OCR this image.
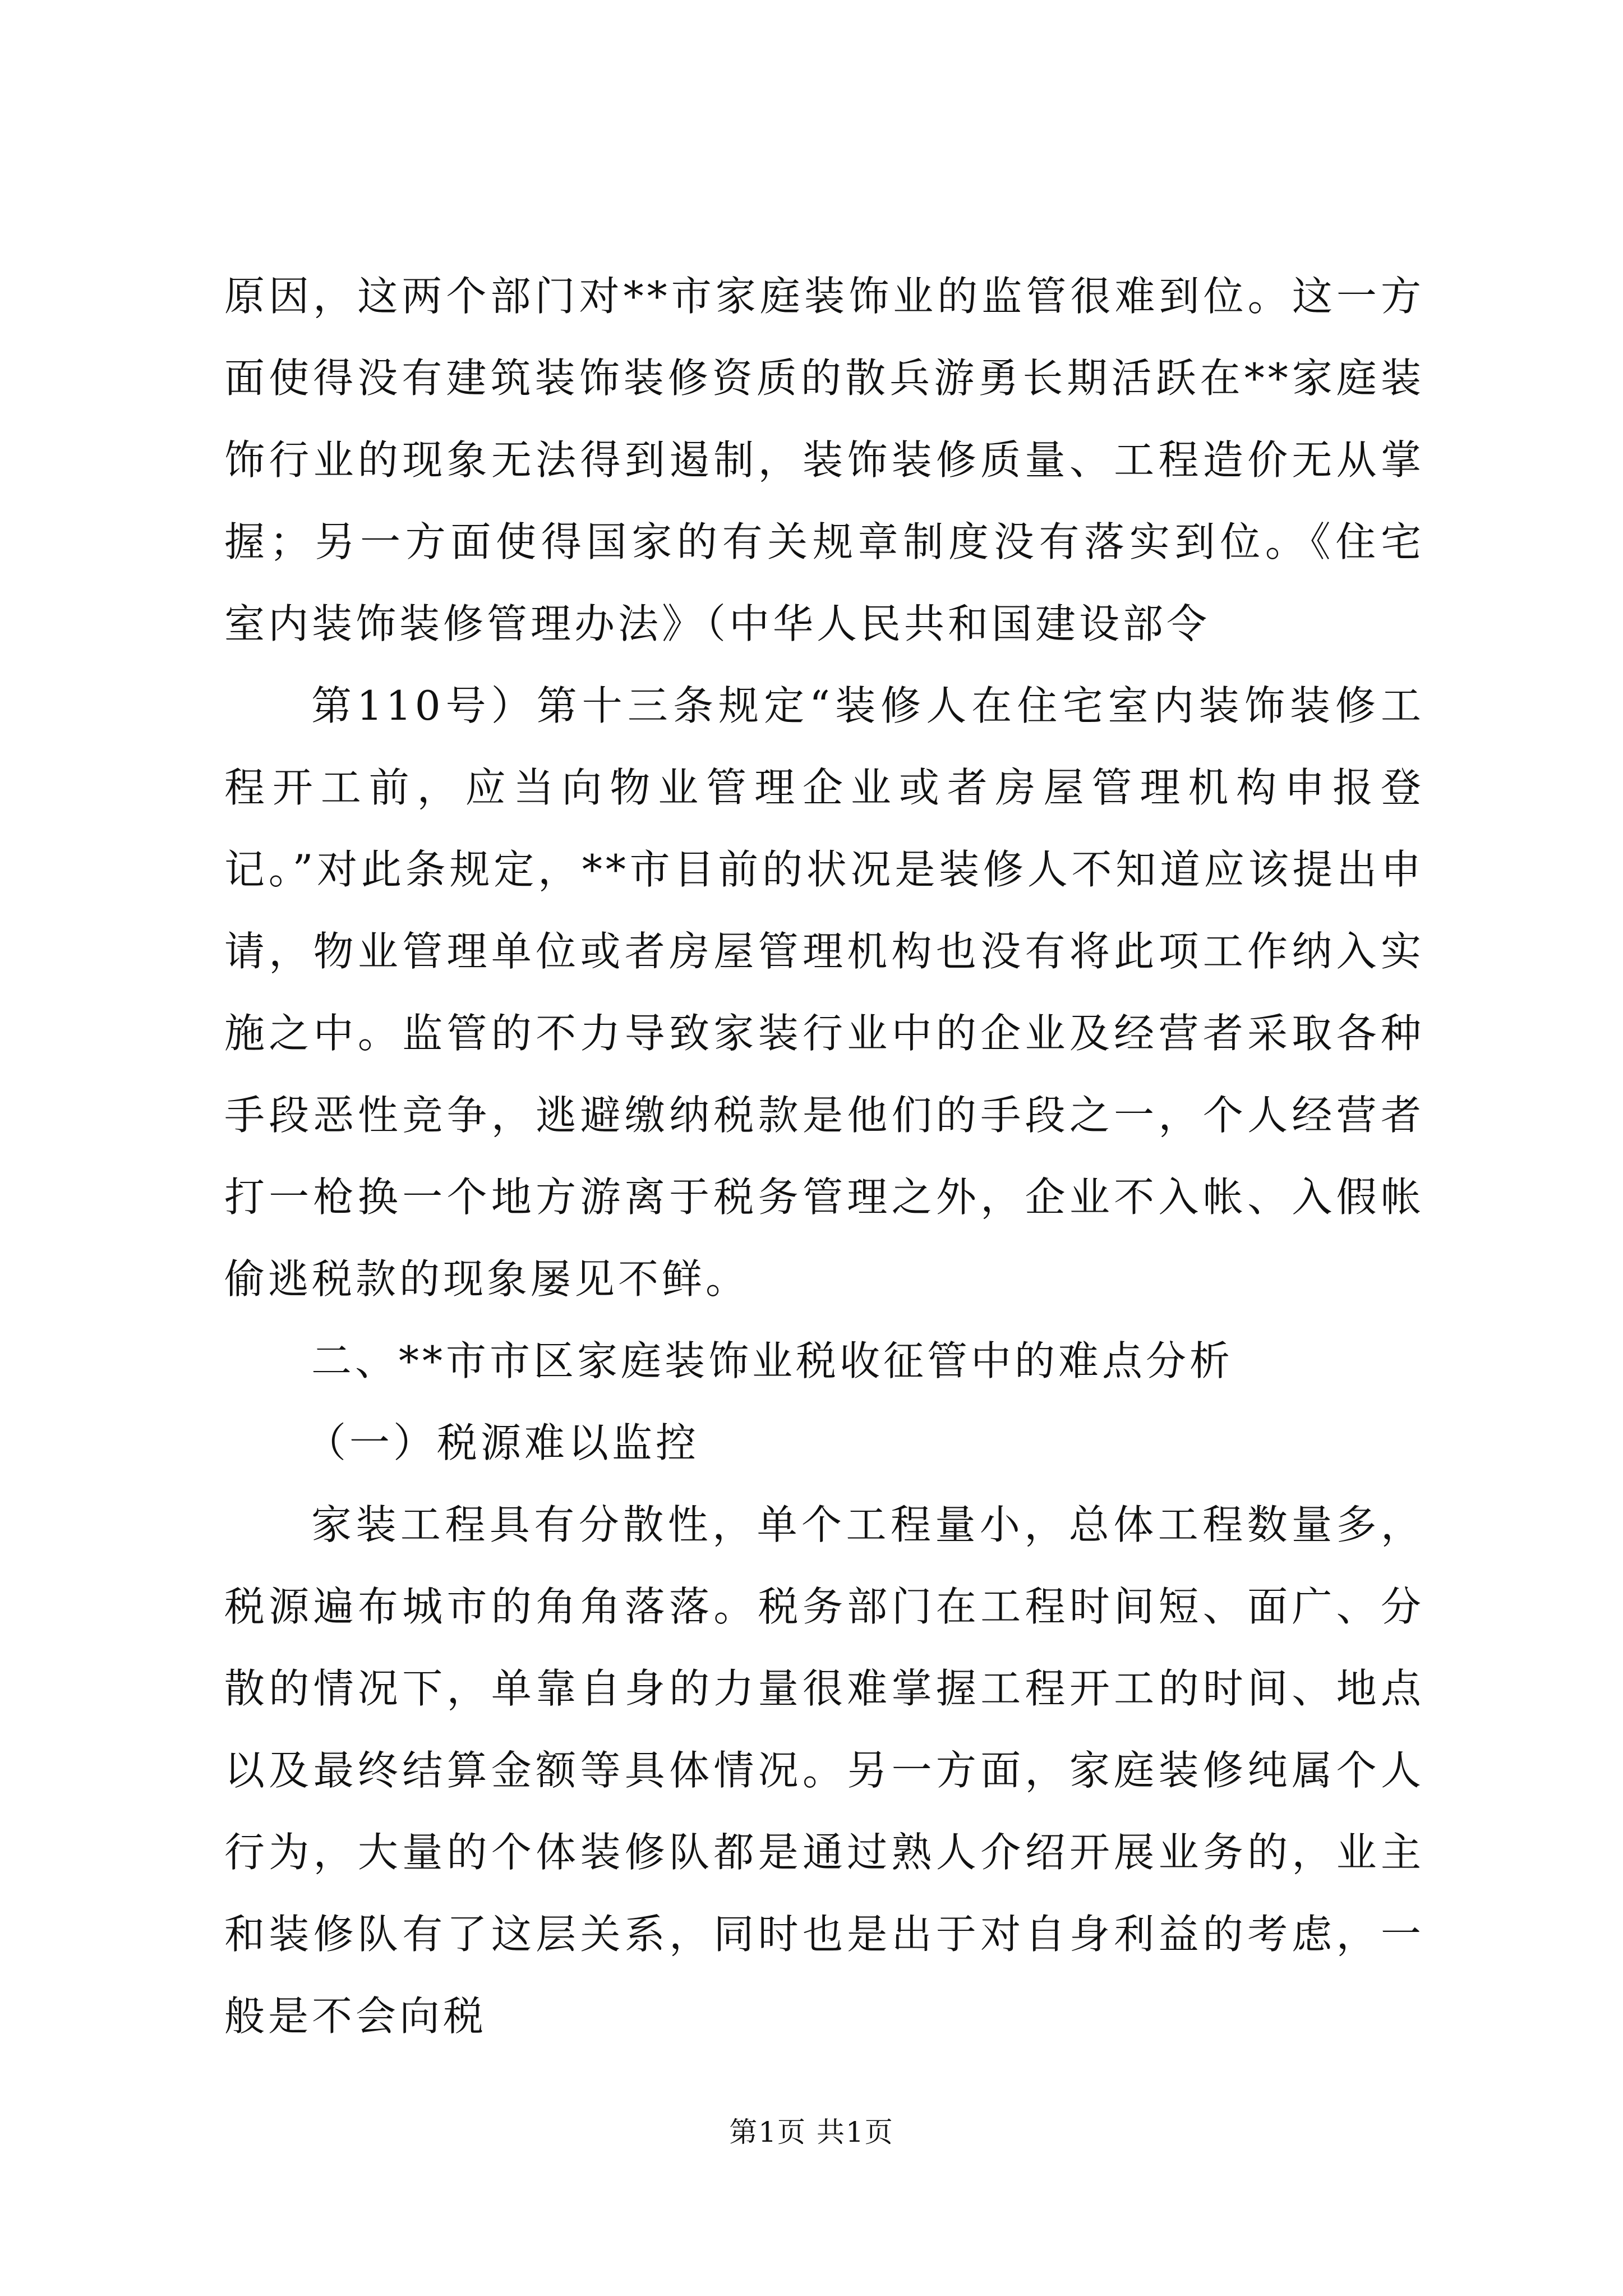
原因，这两个部门对**市家庭装饰业的监管很难到位。这一方面使得没有建筑装饰装修资质的散兵游勇长期活跃在**家庭装饰行业的现象无法得到遏制，装饰装修质量、工程造价无从掌握；另一方面使得国家的有关规章制度没有落实到位。《住宅室内装饰装修管理办法》（中华人民共和国建设部令

第110号）第十三条规定“装修人在住宅室内装饰装修工程开工前，应当向物业管理企业或者房屋管理机构申报登记。”对此条规定，**市目前的状况是装修人不知道应该提出申请，物业管理单位或者房屋管理机构也没有将此项工作纳入实施之中。监管的不力导致家装行业中的企业及经营者采取各种手段恶性竞争，逃避缴纳税款是他们的手段之一，个人经营者打一枪换一个地方游离于税务管理之外，企业不入帐、入假帐偷逃税款的现象屡见不鲜。

二、**市市区家庭装饰业税收征管中的难点分析

（一）税源难以监控

家装工程具有分散性，单个工程量小，总体工程数量多，税源遍布城市的角角落落。税务部门在工程时间短、面广、分散的情况下，单靠自身的力量很难掌握工程开工的时间、地点以及最终结算金额等具体情况。另一方面，家庭装修纯属个人行为，大量的个体装修队都是通过熟人介绍开展业务的，业主和装修队有了这层关系，同时也是出于对自身利益的考虑，一般是不会向税

第1页 共1页
